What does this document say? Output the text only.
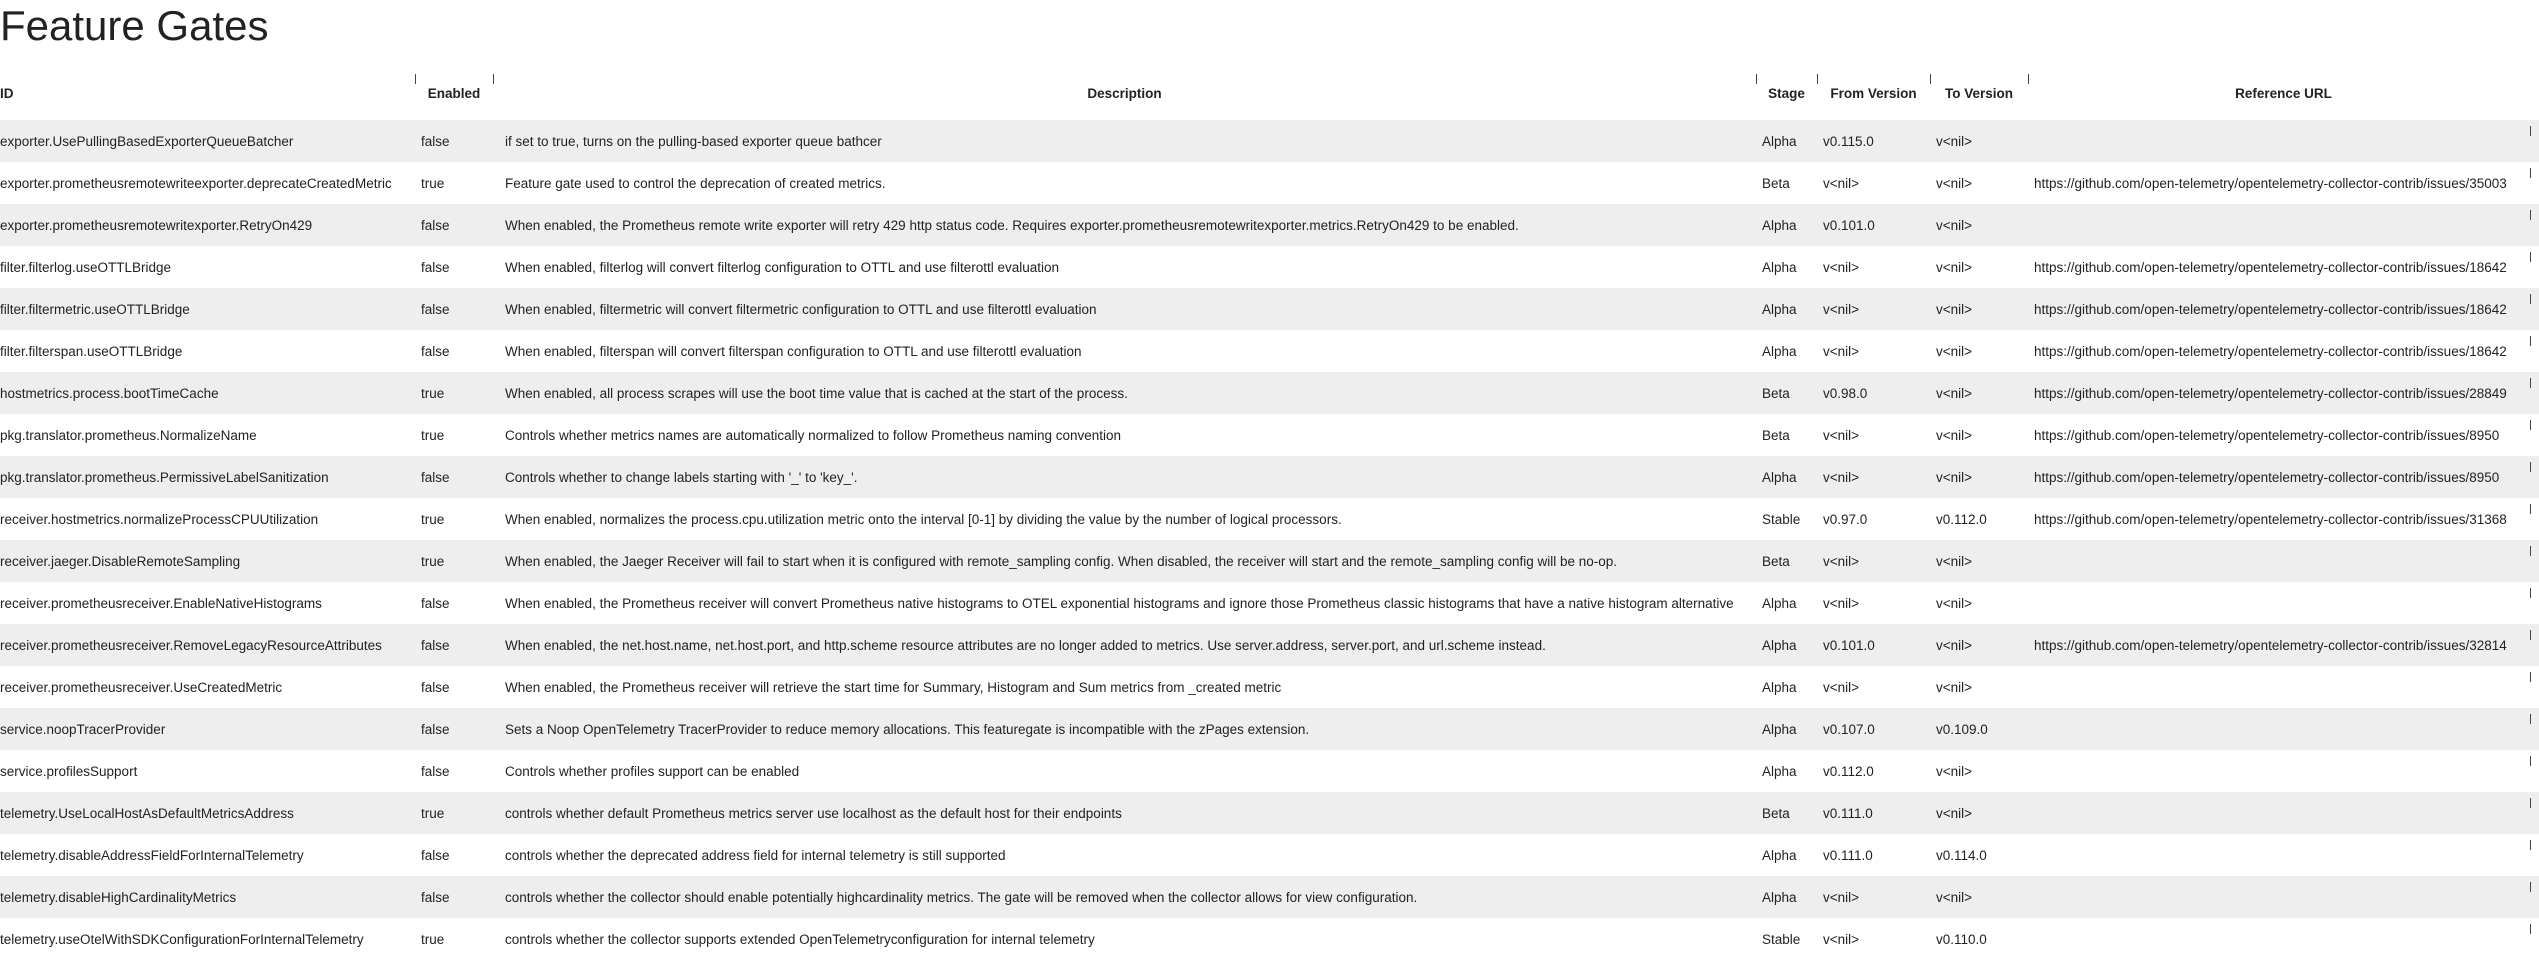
Feature Gates
ID	Enabled	Description	Stage	From Version	To Version	Reference URL
exporter.UsePullingBasedExporterQueueBatcher	false	if set to true, turns on the pulling-based exporter queue bathcer	Alpha	v0.115.0	v<nil>	
exporter.prometheusremotewriteexporter.deprecateCreatedMetric	true	Feature gate used to control the deprecation of created metrics.	Beta	v<nil>	v<nil>	https://github.com/open-telemetry/opentelemetry-collector-contrib/issues/35003
exporter.prometheusremotewritexporter.RetryOn429	false	When enabled, the Prometheus remote write exporter will retry 429 http status code. Requires exporter.prometheusremotewritexporter.metrics.RetryOn429 to be enabled.	Alpha	v0.101.0	v<nil>	
filter.filterlog.useOTTLBridge	false	When enabled, filterlog will convert filterlog configuration to OTTL and use filterottl evaluation	Alpha	v<nil>	v<nil>	https://github.com/open-telemetry/opentelemetry-collector-contrib/issues/18642
filter.filtermetric.useOTTLBridge	false	When enabled, filtermetric will convert filtermetric configuration to OTTL and use filterottl evaluation	Alpha	v<nil>	v<nil>	https://github.com/open-telemetry/opentelemetry-collector-contrib/issues/18642
filter.filterspan.useOTTLBridge	false	When enabled, filterspan will convert filterspan configuration to OTTL and use filterottl evaluation	Alpha	v<nil>	v<nil>	https://github.com/open-telemetry/opentelemetry-collector-contrib/issues/18642
hostmetrics.process.bootTimeCache	true	When enabled, all process scrapes will use the boot time value that is cached at the start of the process.	Beta	v0.98.0	v<nil>	https://github.com/open-telemetry/opentelemetry-collector-contrib/issues/28849
pkg.translator.prometheus.NormalizeName	true	Controls whether metrics names are automatically normalized to follow Prometheus naming convention	Beta	v<nil>	v<nil>	https://github.com/open-telemetry/opentelemetry-collector-contrib/issues/8950
pkg.translator.prometheus.PermissiveLabelSanitization	false	Controls whether to change labels starting with '_' to 'key_'.	Alpha	v<nil>	v<nil>	https://github.com/open-telemetry/opentelemetry-collector-contrib/issues/8950
receiver.hostmetrics.normalizeProcessCPUUtilization	true	When enabled, normalizes the process.cpu.utilization metric onto the interval [0-1] by dividing the value by the number of logical processors.	Stable	v0.97.0	v0.112.0	https://github.com/open-telemetry/opentelemetry-collector-contrib/issues/31368
receiver.jaeger.DisableRemoteSampling	true	When enabled, the Jaeger Receiver will fail to start when it is configured with remote_sampling config. When disabled, the receiver will start and the remote_sampling config will be no-op.	Beta	v<nil>	v<nil>	
receiver.prometheusreceiver.EnableNativeHistograms	false	When enabled, the Prometheus receiver will convert Prometheus native histograms to OTEL exponential histograms and ignore those Prometheus classic histograms that have a native histogram alternative	Alpha	v<nil>	v<nil>	
receiver.prometheusreceiver.RemoveLegacyResourceAttributes	false	When enabled, the net.host.name, net.host.port, and http.scheme resource attributes are no longer added to metrics. Use server.address, server.port, and url.scheme instead.	Alpha	v0.101.0	v<nil>	https://github.com/open-telemetry/opentelemetry-collector-contrib/issues/32814
receiver.prometheusreceiver.UseCreatedMetric	false	When enabled, the Prometheus receiver will retrieve the start time for Summary, Histogram and Sum metrics from _created metric	Alpha	v<nil>	v<nil>	
service.noopTracerProvider	false	Sets a Noop OpenTelemetry TracerProvider to reduce memory allocations. This featuregate is incompatible with the zPages extension.	Alpha	v0.107.0	v0.109.0	
service.profilesSupport	false	Controls whether profiles support can be enabled	Alpha	v0.112.0	v<nil>	
telemetry.UseLocalHostAsDefaultMetricsAddress	true	controls whether default Prometheus metrics server use localhost as the default host for their endpoints	Beta	v0.111.0	v<nil>	
telemetry.disableAddressFieldForInternalTelemetry	false	controls whether the deprecated address field for internal telemetry is still supported	Alpha	v0.111.0	v0.114.0	
telemetry.disableHighCardinalityMetrics	false	controls whether the collector should enable potentially highcardinality metrics. The gate will be removed when the collector allows for view configuration.	Alpha	v<nil>	v<nil>	
telemetry.useOtelWithSDKConfigurationForInternalTelemetry	true	controls whether the collector supports extended OpenTelemetryconfiguration for internal telemetry	Stable	v<nil>	v0.110.0	
